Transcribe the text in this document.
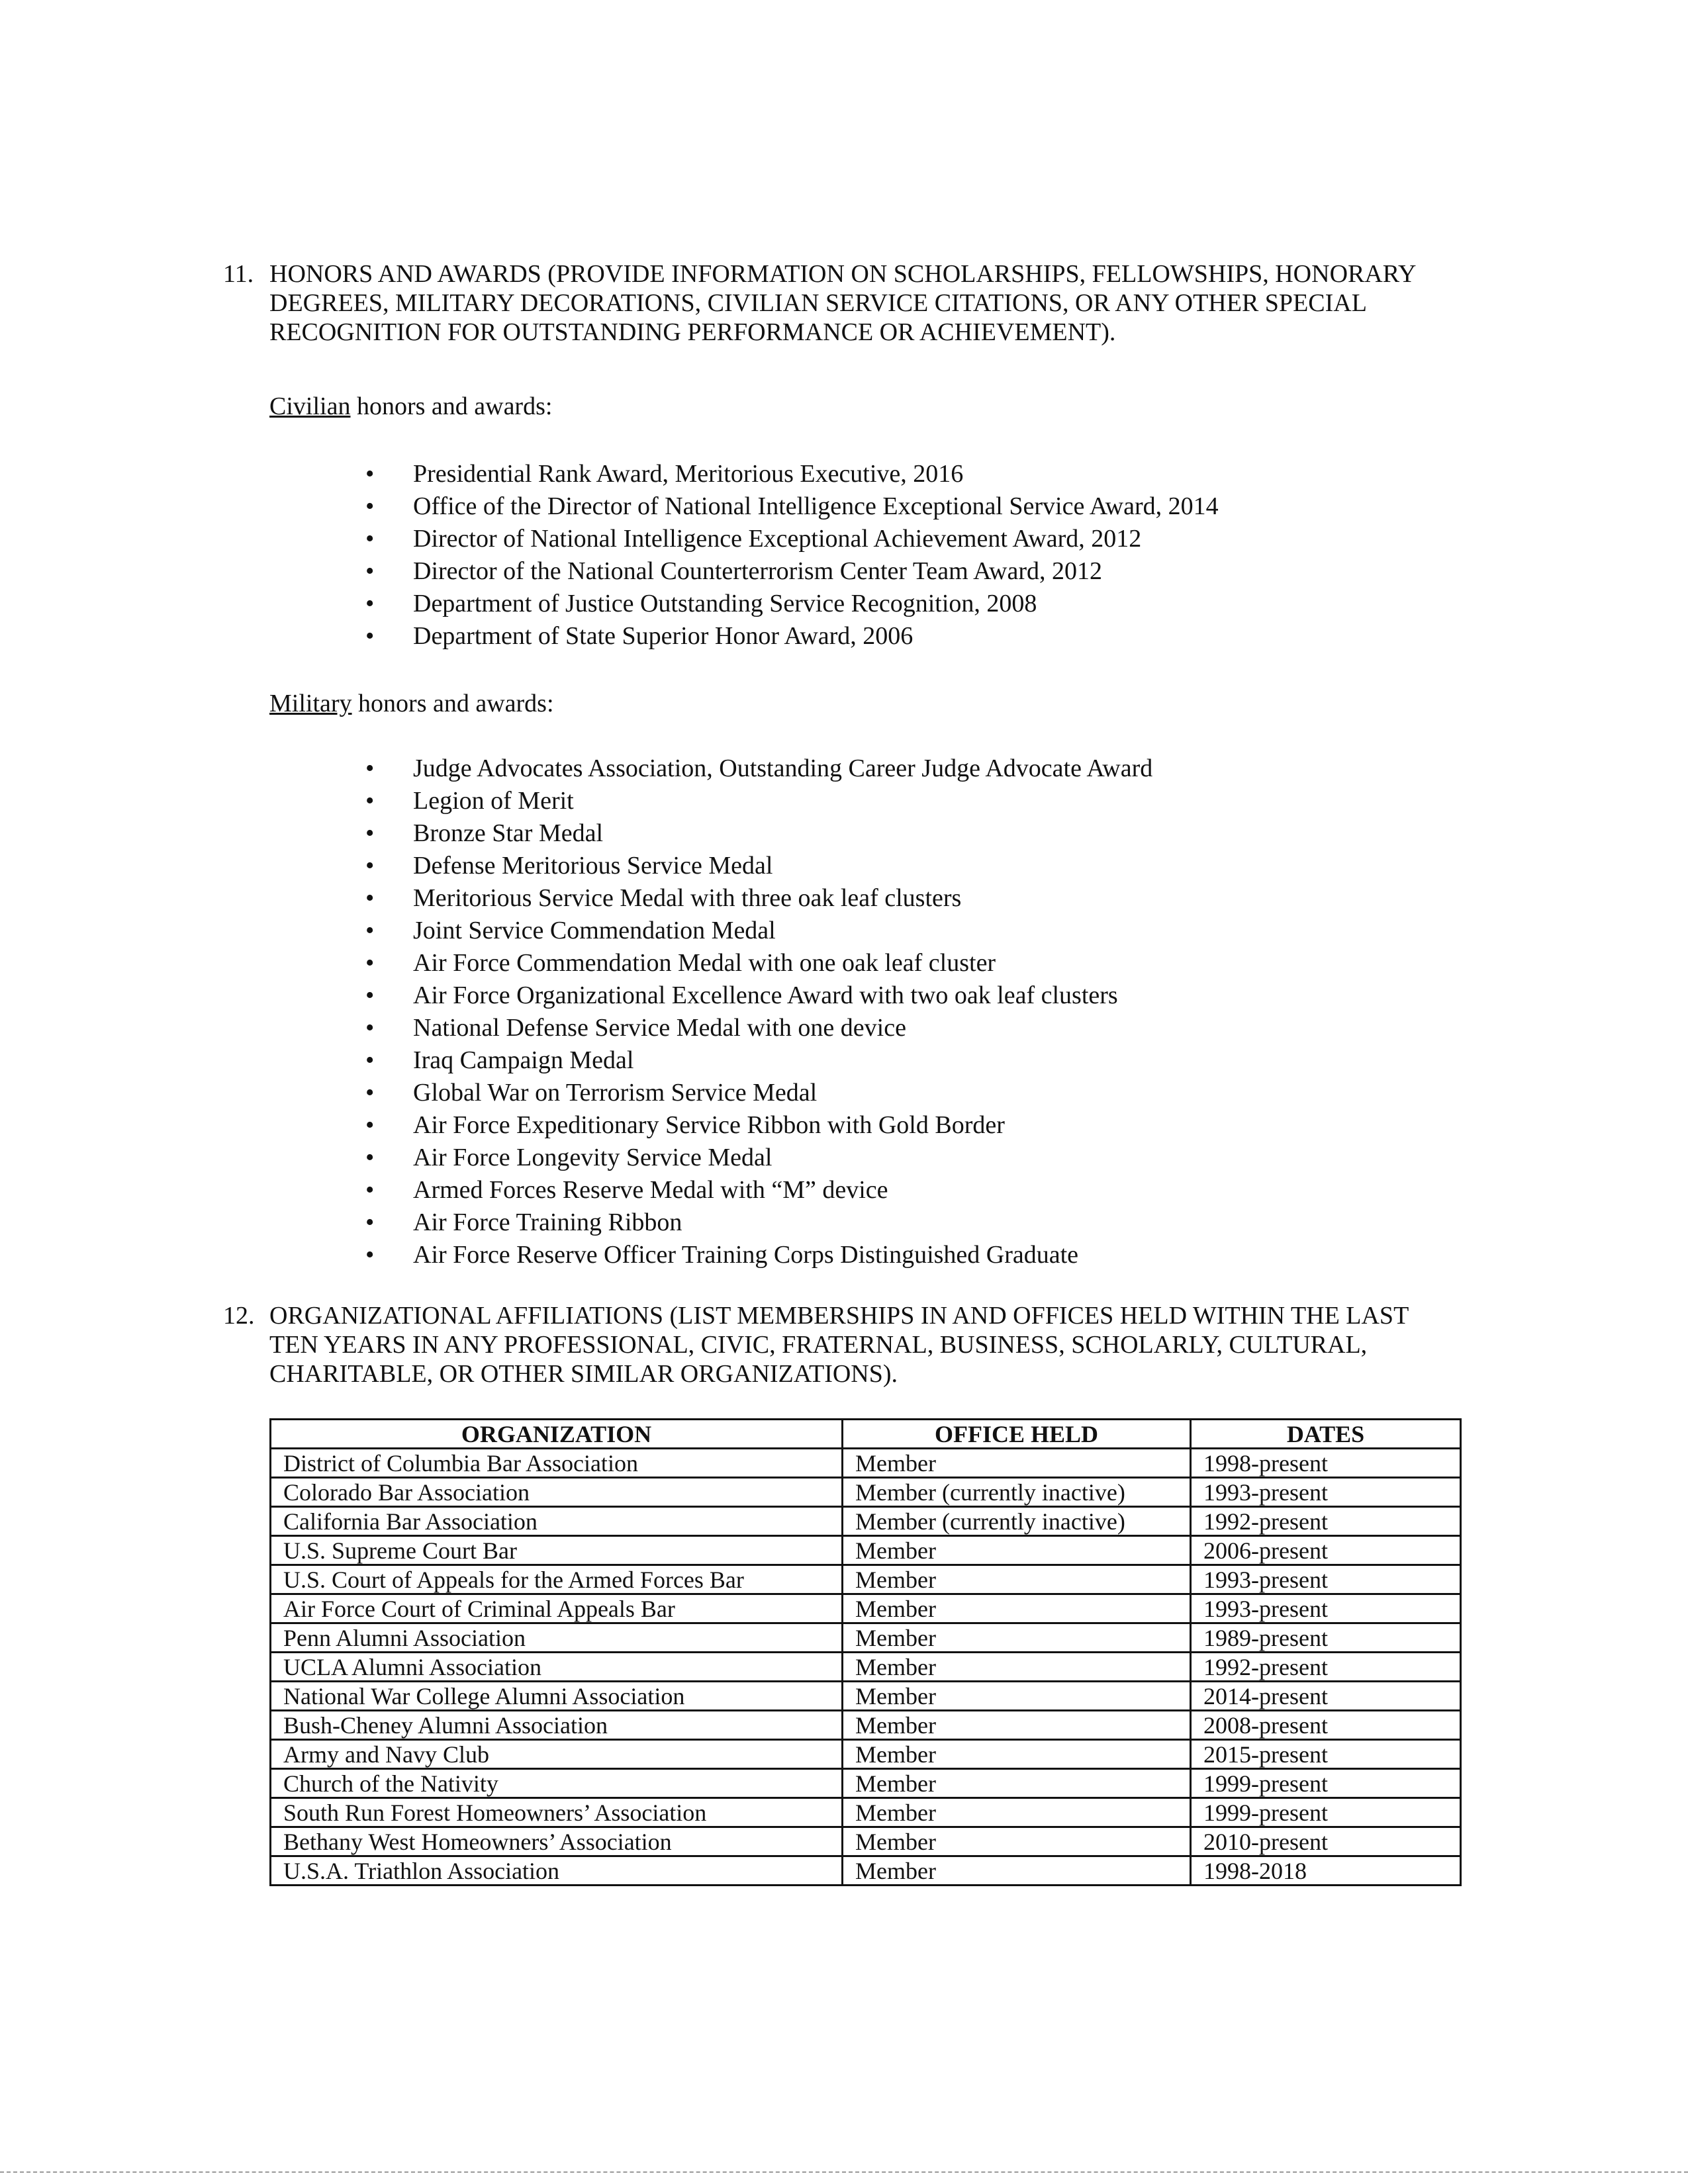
11. HONORS AND AWARDS (PROVIDE INFORMATION ON SCHOLARSHIPS, FELLOWSHIPS, HONORARY DEGREES, MILITARY DECORATIONS, CIVILIAN SERVICE CITATIONS, OR ANY OTHER SPECIAL RECOGNITION FOR OUTSTANDING PERFORMANCE OR ACHIEVEMENT).
Civilian honors and awards:
• Presidential Rank Award, Meritorious Executive, 2016
• Office of the Director of National Intelligence Exceptional Service Award, 2014
• Director of National Intelligence Exceptional Achievement Award, 2012
• Director of the National Counterterrorism Center Team Award, 2012
• Department of Justice Outstanding Service Recognition, 2008
• Department of State Superior Honor Award, 2006
Military honors and awards:
• Judge Advocates Association, Outstanding Career Judge Advocate Award
• Legion of Merit
• Bronze Star Medal
• Defense Meritorious Service Medal
• Meritorious Service Medal with three oak leaf clusters
• Joint Service Commendation Medal
• Air Force Commendation Medal with one oak leaf cluster
• Air Force Organizational Excellence Award with two oak leaf clusters
• National Defense Service Medal with one device
• Iraq Campaign Medal
• Global War on Terrorism Service Medal
• Air Force Expeditionary Service Ribbon with Gold Border
• Air Force Longevity Service Medal
• Armed Forces Reserve Medal with “M” device
• Air Force Training Ribbon
• Air Force Reserve Officer Training Corps Distinguished Graduate
12. ORGANIZATIONAL AFFILIATIONS (LIST MEMBERSHIPS IN AND OFFICES HELD WITHIN THE LAST TEN YEARS IN ANY PROFESSIONAL, CIVIC, FRATERNAL, BUSINESS, SCHOLARLY, CULTURAL, CHARITABLE, OR OTHER SIMILAR ORGANIZATIONS).
ORGANIZATION	OFFICE HELD	DATES
District of Columbia Bar Association	Member	1998-present
Colorado Bar Association	Member (currently inactive)	1993-present
California Bar Association	Member (currently inactive)	1992-present
U.S. Supreme Court Bar	Member	2006-present
U.S. Court of Appeals for the Armed Forces Bar	Member	1993-present
Air Force Court of Criminal Appeals Bar	Member	1993-present
Penn Alumni Association	Member	1989-present
UCLA Alumni Association	Member	1992-present
National War College Alumni Association	Member	2014-present
Bush-Cheney Alumni Association	Member	2008-present
Army and Navy Club	Member	2015-present
Church of the Nativity	Member	1999-present
South Run Forest Homeowners’ Association	Member	1999-present
Bethany West Homeowners’ Association	Member	2010-present
U.S.A. Triathlon Association	Member	1998-2018
